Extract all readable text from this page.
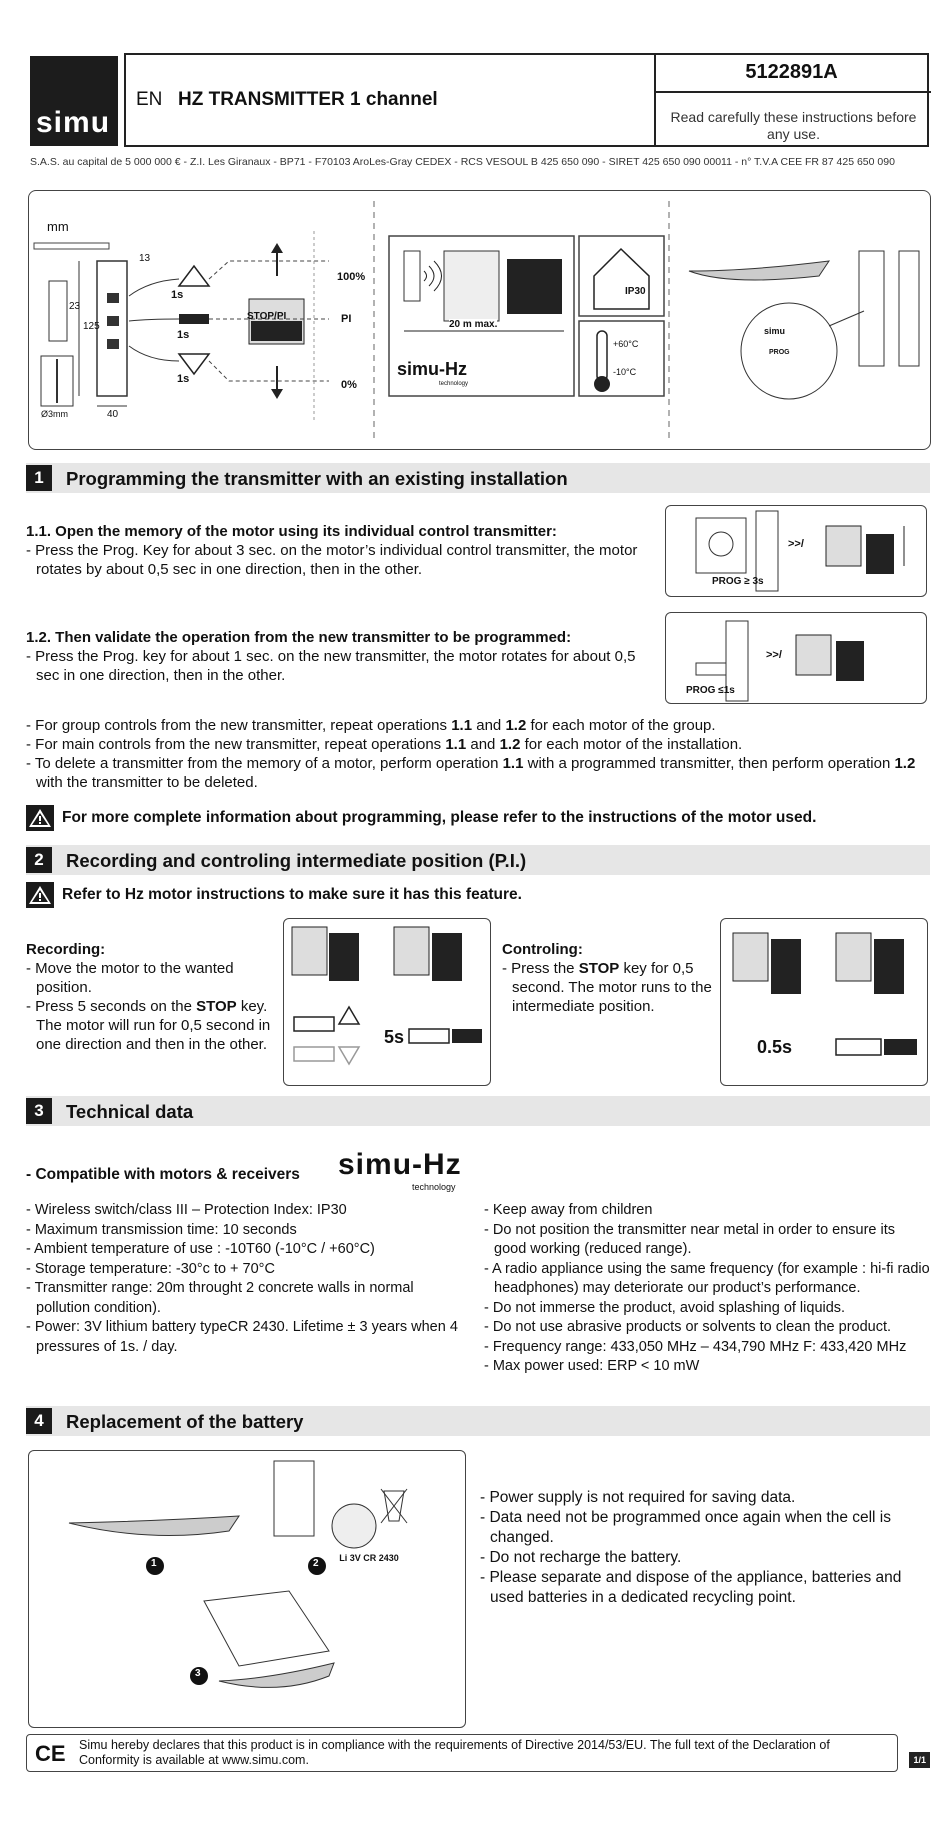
simu
EN HZ TRANSMITTER 1 channel
5122891A
Read carefully these instructions before any use.
S.A.S. au capital de 5 000 000 € - Z.I. Les Giranaux - BP71 - F70103 AroLes-Gray CEDEX - RCS VESOUL B 425 650 090 - SIRET 425 650 090 00011 - n° T.V.A CEE FR 87 425 650 090
mm
13
23
125
40
Ø3mm
1s
1s
1s
STOP/PI
100%
PI
0%
20 m max.
simu-Hz
technology
IP30
+60°C
-10°C
simu
PROG
1	Programming the transmitter with an existing installation
1.1. Open the memory of the motor using its individual control transmitter:
- Press the Prog. Key for about 3 sec. on the motor’s individual control transmitter, the motor rotates by about 0,5 sec in one direction, then in the other.
>>/
PROG ≥ 3s
1.2. Then validate the operation from the new transmitter to be programmed:
- Press the Prog. key for about 1 sec. on the new transmitter, the motor rotates for about 0,5 sec in one direction, then in the other.
>>/
PROG ≤1s
- For group controls from the new transmitter, repeat operations 1.1 and 1.2 for each motor of the group.
- For main controls from the new transmitter, repeat operations 1.1 and 1.2 for each motor of the installation.
- To delete a transmitter from the memory of a motor, perform operation 1.1 with a programmed transmitter, then perform operation 1.2 with the transmitter to be deleted.
For more complete information about programming, please refer to the instructions of the motor used.
2	Recording and controling intermediate position (P.I.)
Refer to Hz motor instructions to make sure it has this feature.
Recording:
- Move the motor to the wanted position.
- Press 5 seconds on the STOP key. The motor will run for 0,5 second in one direction and then in the other.	5s
Controling:
- Press the STOP key for 0,5 second. The motor runs to the intermediate position.
0.5s
3	Technical data
- Compatible with motors & receivers simu-Hz
technology
- Wireless switch/class III – Protection Index: IP30
- Maximum transmission time: 10 seconds
- Ambient temperature of use : -10T60 (-10°C / +60°C)
- Storage temperature: -30°c to + 70°C
- Transmitter range: 20m throught 2 concrete walls in normal pollution condition).
- Power: 3V lithium battery typeCR 2430. Lifetime ± 3 years when 4 pressures of 1s. / day.
- Keep away from children
- Do not position the transmitter near metal in order to ensure its good working (reduced range).
- A radio appliance using the same frequency (for example : hi-fi radio headphones) may deteriorate our product’s performance.
- Do not immerse the product, avoid splashing of liquids.
- Do not use abrasive products or solvents to clean the product.
- Frequency range: 433,050 MHz – 434,790 MHz F: 433,420 MHz
- Max power used: ERP < 10 mW
4	Replacement of the battery
1	2
3
Li 3V CR 2430
- Power supply is not required for saving data.
- Data need not be programmed once again when the cell is changed.
- Do not recharge the battery.
- Please separate and dispose of the appliance, batteries and used batteries in a dedicated recycling point.
CE Simu hereby declares that this product is in compliance with the requirements of Directive 2014/53/EU. The full text of the Declaration of Conformity is available at www.simu.com.	1/1
